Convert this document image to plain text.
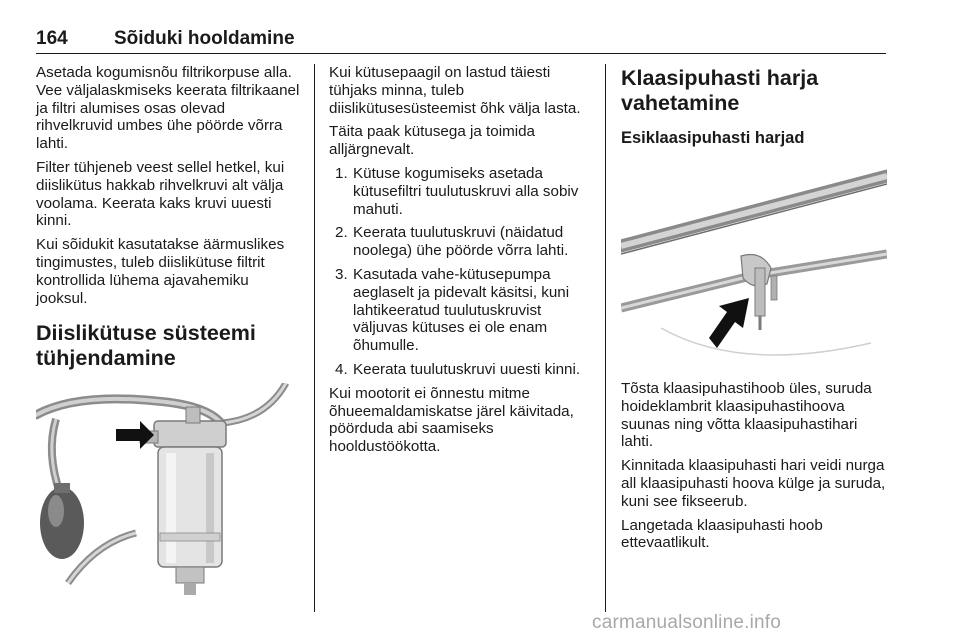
164 Sõiduki hooldamine

Asetada kogumisnõu filtrikorpuse alla. Vee väljalaskmiseks keerata filtrikaanel ja filtri alumises osas olevad rihvelkruvid umbes ühe pöörde võrra lahti.

Filter tühjeneb veest sellel hetkel, kui diislikütus hakkab rihvelkruvi alt välja voolama. Keerata kaks kruvi uuesti kinni.

Kui sõidukit kasutatakse äärmuslikes tingimustes, tuleb diislikütuse filtrit kontrollida lühema ajavahemiku jooksul.

Diislikütuse süsteemi tühjendamine

Kui kütusepaagil on lastud täiesti tühjaks minna, tuleb diislikütusesüsteemist õhk välja lasta.

Täita paak kütusega ja toimida alljärgnevalt.

1. Kütuse kogumiseks asetada kütusefiltri tuulutuskruvi alla sobiv mahuti.
2. Keerata tuulutuskruvi (näidatud noolega) ühe pöörde võrra lahti.
3. Kasutada vahe-kütusepumpa aeglaselt ja pidevalt käsitsi, kuni lahtikeeratud tuulutuskruvist väljuvas kütuses ei ole enam õhumulle.
4. Keerata tuulutuskruvi uuesti kinni.

Kui mootorit ei õnnestu mitme õhueemaldamiskatse järel käivitada, pöörduda abi saamiseks hooldustöökotta.

Klaasipuhasti harja vahetamine
Esiklaasipuhasti harjad

Tõsta klaasipuhastihoob üles, suruda hoideklambrit klaasipuhastihoova suunas ning võtta klaasipuhastihari lahti.

Kinnitada klaasipuhasti hari veidi nurga all klaasipuhasti hoova külge ja suruda, kuni see fikseerub.

Langetada klaasipuhasti hoob ettevaatlikult.

carmanualsonline.info
